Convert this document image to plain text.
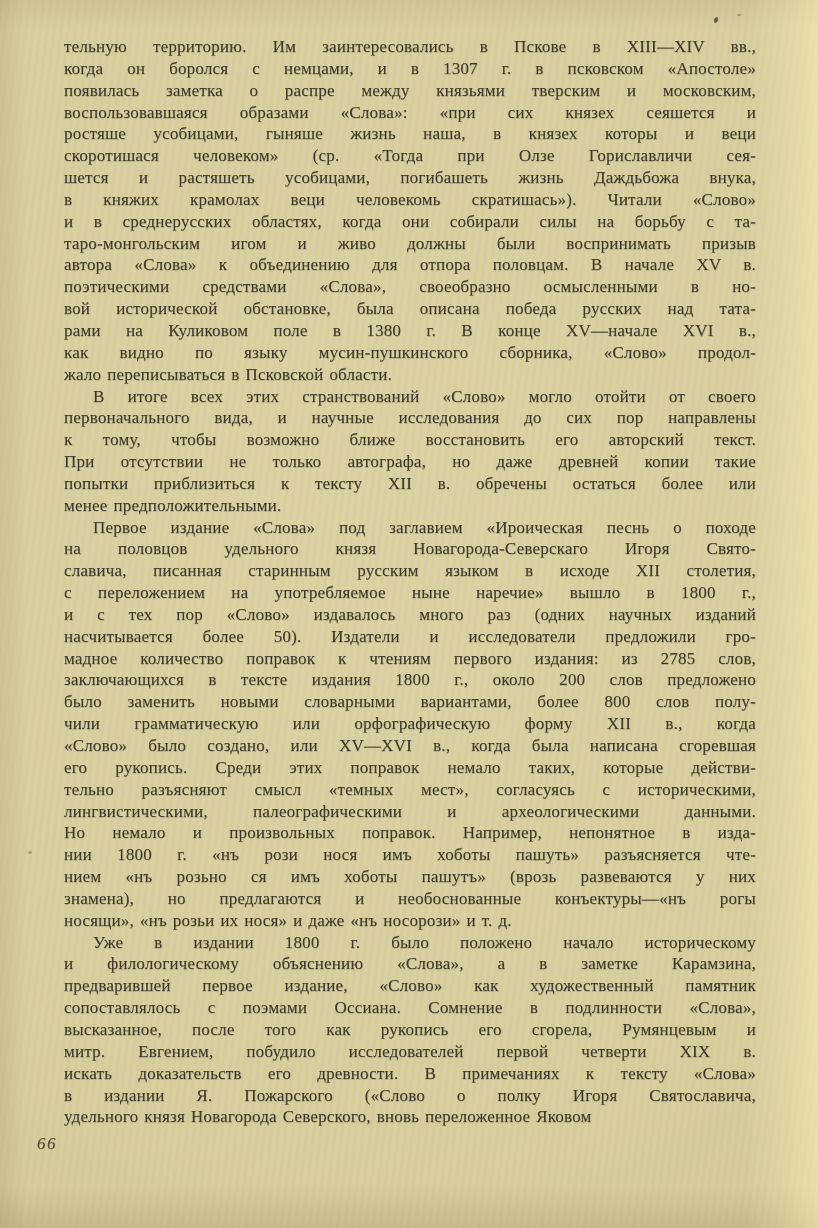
тельную территорию. Им заинтересовались в Пскове в XIII—XIV вв.,
когда он боролся с немцами, и в 1307 г. в псковском «Апостоле»
появилась заметка о распре между князьями тверским и московским,
воспользовавшаяся образами «Слова»: «при сих князех сеяшется и
ростяше усобицами, гыняше жизнь наша, в князех которы и веци
скоротишася человеком» (ср. «Тогда при Олзе Гориславличи сея-
шется и растяшеть усобицами, погибашеть жизнь Даждьбожа внука,
в княжих крамолах веци человекомь скратишась»). Читали «Слово»
и в среднерусских областях, когда они собирали силы на борьбу с та-
таро-монгольским игом и живо должны были воспринимать призыв
автора «Слова» к объединению для отпора половцам. В начале XV в.
поэтическими средствами «Слова», своеобразно осмысленными в но-
вой исторической обстановке, была описана победа русских над тата-
рами на Куликовом поле в 1380 г. В конце XV—начале XVI в.,
как видно по языку мусин-пушкинского сборника, «Слово» продол-
жало переписываться в Псковской области.
В итоге всех этих странствований «Слово» могло отойти от своего
первоначального вида, и научные исследования до сих пор направлены
к тому, чтобы возможно ближе восстановить его авторский текст.
При отсутствии не только автографа, но даже древней копии такие
попытки приблизиться к тексту XII в. обречены остаться более или
менее предположительными.
Первое издание «Слова» под заглавием «Ироическая песнь о походе
на половцов удельного князя Новагорода-Северскаго Игоря Свято-
славича, писанная старинным русским языком в исходе XII столетия,
с переложением на употребляемое ныне наречие» вышло в 1800 г.,
и с тех пор «Слово» издавалось много раз (одних научных изданий
насчитывается более 50). Издатели и исследователи предложили гро-
мадное количество поправок к чтениям первого издания: из 2785 слов,
заключающихся в тексте издания 1800 г., около 200 слов предложено
было заменить новыми словарными вариантами, более 800 слов полу-
чили грамматическую или орфографическую форму XII в., когда
«Слово» было создано, или XV—XVI в., когда была написана сгоревшая
его рукопись. Среди этих поправок немало таких, которые действи-
тельно разъясняют смысл «темных мест», согласуясь с историческими,
лингвистическими, палеографическими и археологическими данными.
Но немало и произвольных поправок. Например, непонятное в изда-
нии 1800 г. «нъ рози нося имъ хоботы пашуть» разъясняется чте-
нием «нъ розьно ся имъ хоботы пашутъ» (врозь развеваются у них
знамена), но предлагаются и необоснованные конъектуры—«нъ рогы
носящи», «нъ розьи их нося» и даже «нъ носорози» и т. д.
Уже в издании 1800 г. было положено начало историческому
и филологическому объяснению «Слова», а в заметке Карамзина,
предварившей первое издание, «Слово» как художественный памятник
сопоставлялось с поэмами Оссиана. Сомнение в подлинности «Слова»,
высказанное, после того как рукопись его сгорела, Румянцевым и
митр. Евгением, побудило исследователей первой четверти XIX в.
искать доказательств его древности. В примечаниях к тексту «Слова»
в издании Я. Пожарского («Слово о полку Игоря Святославича,
удельного князя Новагорода Северского, вновь переложенное Яковом
66
